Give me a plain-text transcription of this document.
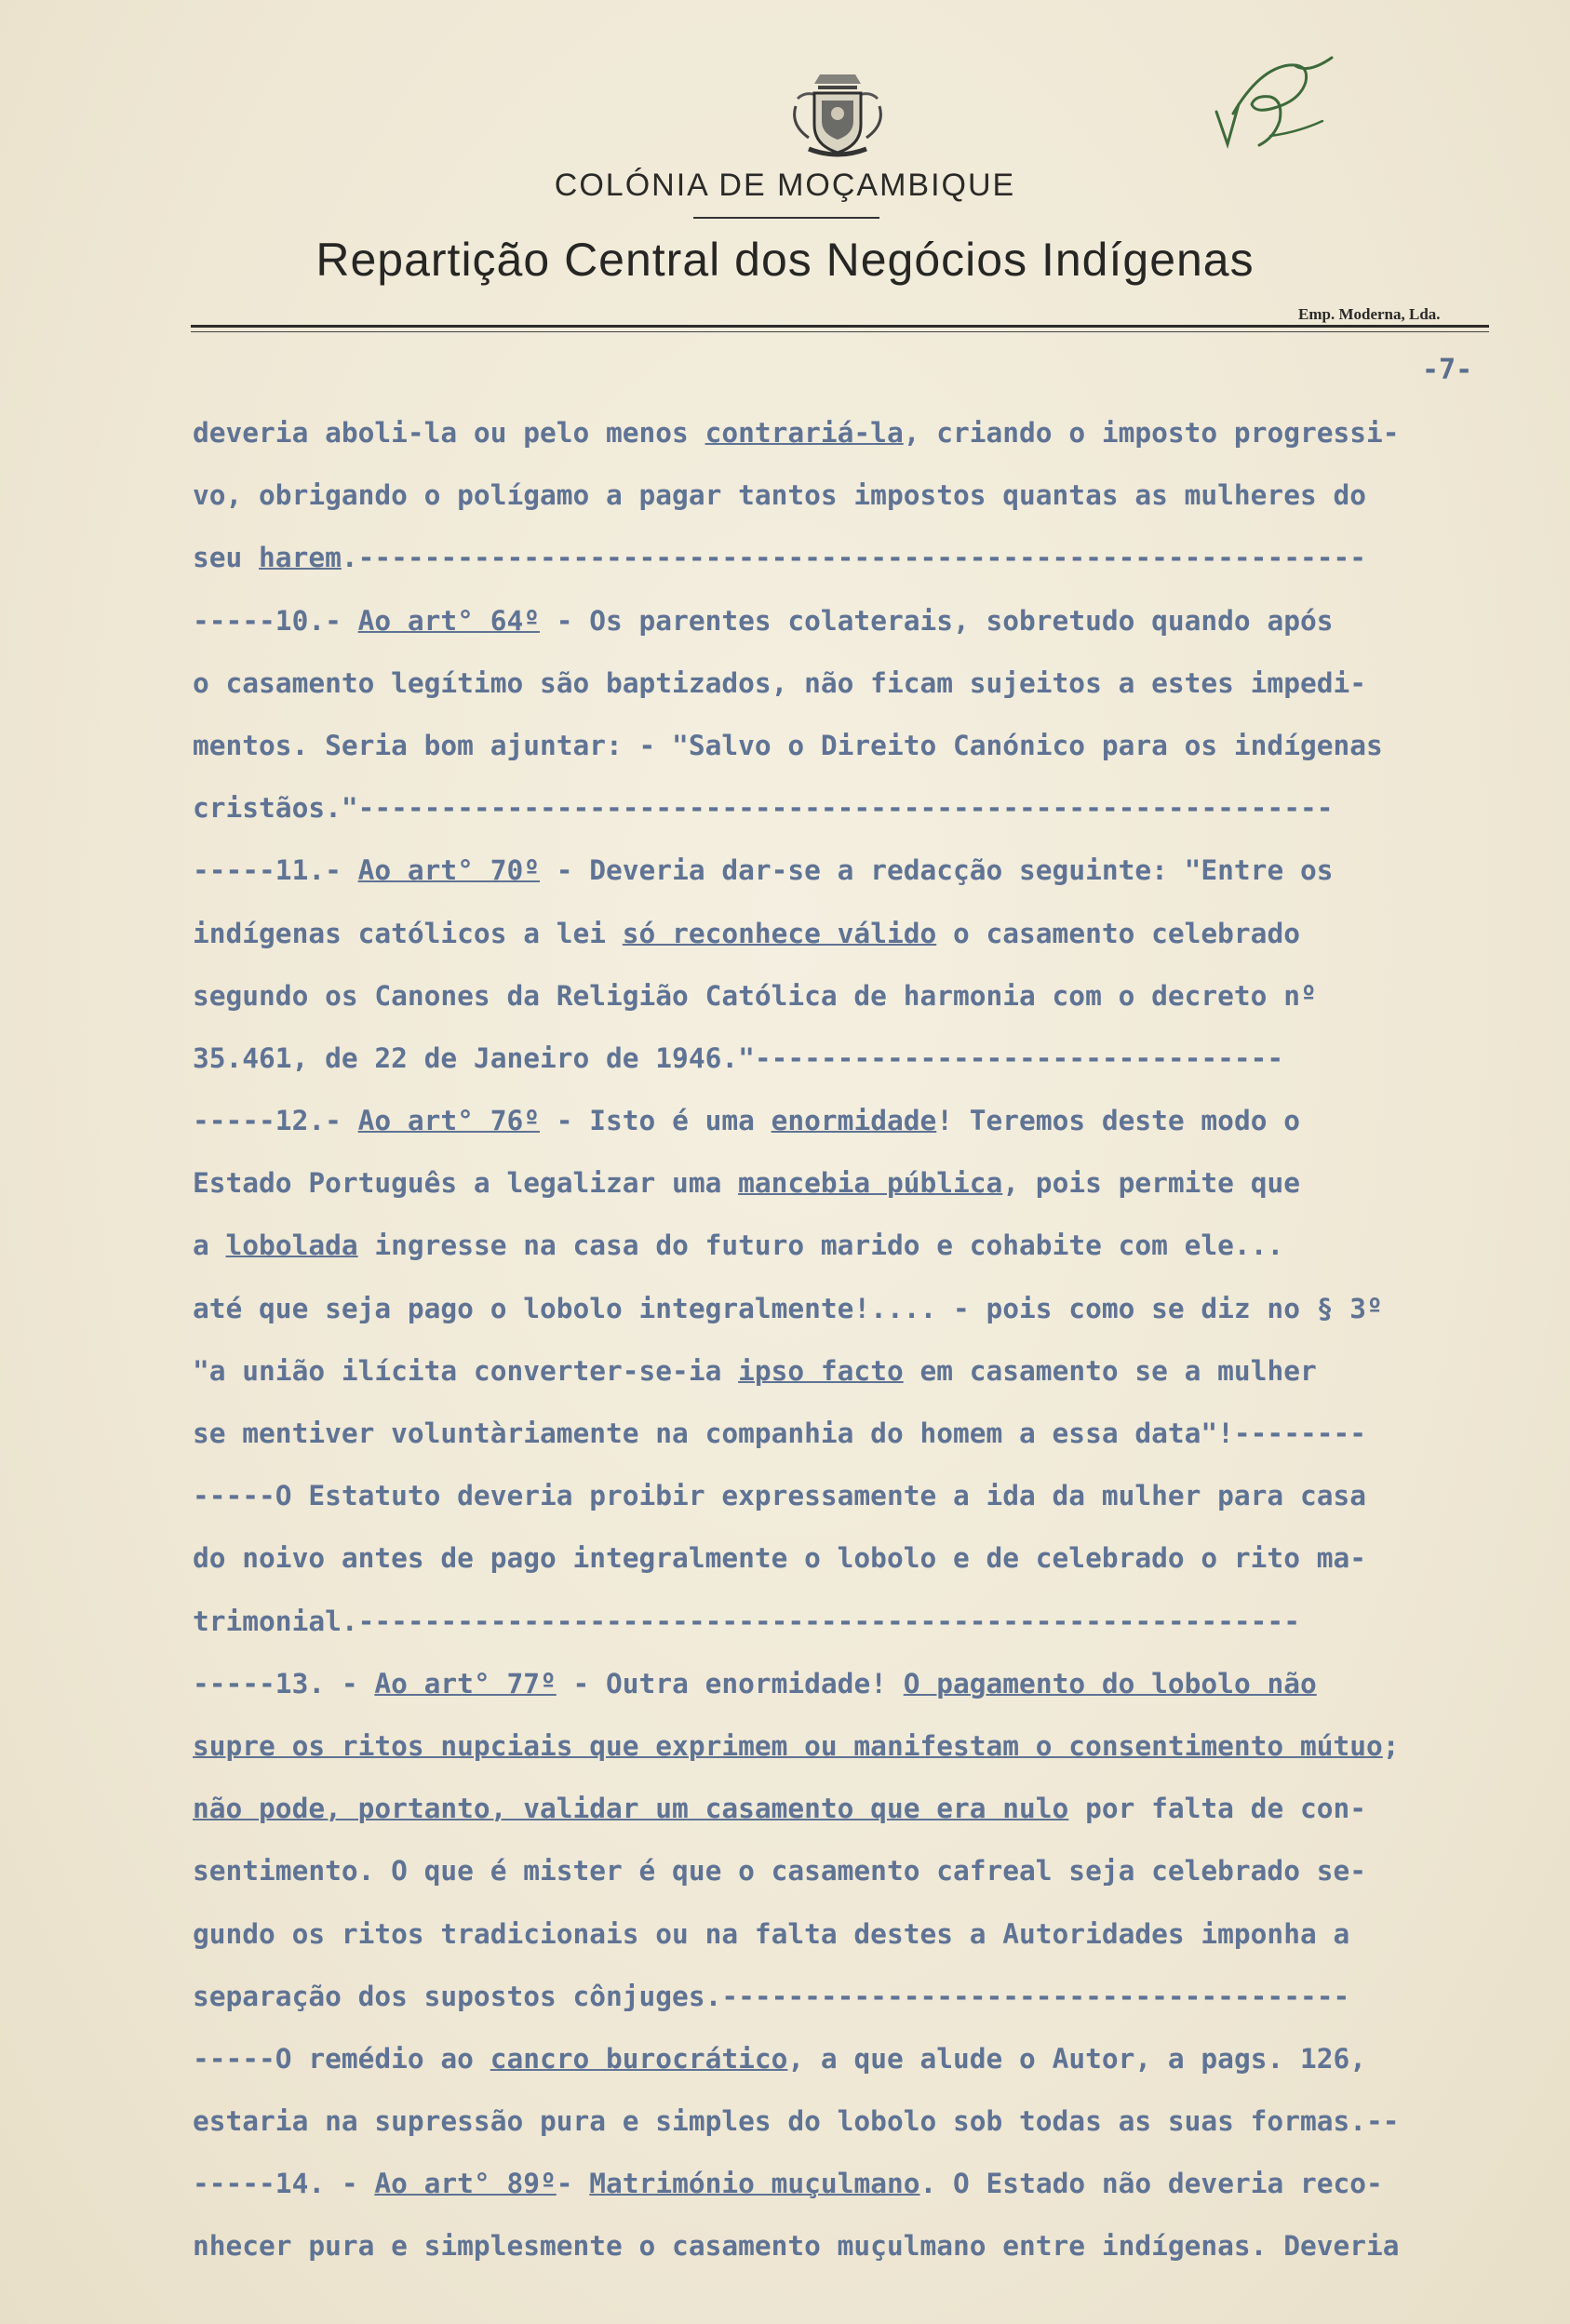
COLÓNIA DE MOÇAMBIQUE
Repartição Central dos Negócios Indígenas
Emp. Moderna, Lda.
-7-
deveria aboli-la ou pelo menos contrariá-la, criando o imposto progressi-
vo, obrigando o polígamo a pagar tantos impostos quantas as mulheres do
seu harem.-------------------------------------------------------------
-----10.- Ao art° 64º - Os parentes colaterais, sobretudo quando após
o casamento legítimo são baptizados, não ficam sujeitos a estes impedi-
mentos. Seria bom ajuntar: - "Salvo o Direito Canónico para os indígenas
cristãos."-----------------------------------------------------------
-----11.- Ao art° 70º - Deveria dar-se a redacção seguinte: "Entre os
indígenas católicos a lei só reconhece válido o casamento celebrado
segundo os Canones da Religião Católica de harmonia com o decreto nº
35.461, de 22 de Janeiro de 1946."--------------------------------
-----12.- Ao art° 76º - Isto é uma enormidade! Teremos deste modo o
Estado Português a legalizar uma mancebia pública, pois permite que
a lobolada ingresse na casa do futuro marido e cohabite com ele...
até que seja pago o lobolo integralmente!.... - pois como se diz no § 3º
"a união ilícita converter-se-ia ipso facto em casamento se a mulher
se mentiver voluntàriamente na companhia do homem a essa data"!--------
-----O Estatuto deveria proibir expressamente a ida da mulher para casa
do noivo antes de pago integralmente o lobolo e de celebrado o rito ma-
trimonial.---------------------------------------------------------
-----13. - Ao art° 77º - Outra enormidade! O pagamento do lobolo não
supre os ritos nupciais que exprimem ou manifestam o consentimento mútuo;
não pode, portanto, validar um casamento que era nulo por falta de con-
sentimento. O que é mister é que o casamento cafreal seja celebrado se-
gundo os ritos tradicionais ou na falta destes a Autoridades imponha a
separação dos supostos cônjuges.--------------------------------------
-----O remédio ao cancro burocrático, a que alude o Autor, a pags. 126,
estaria na supressão pura e simples do lobolo sob todas as suas formas.--
-----14. - Ao art° 89º- Matrimónio muçulmano. O Estado não deveria reco-
nhecer pura e simplesmente o casamento muçulmano entre indígenas. Deveria
